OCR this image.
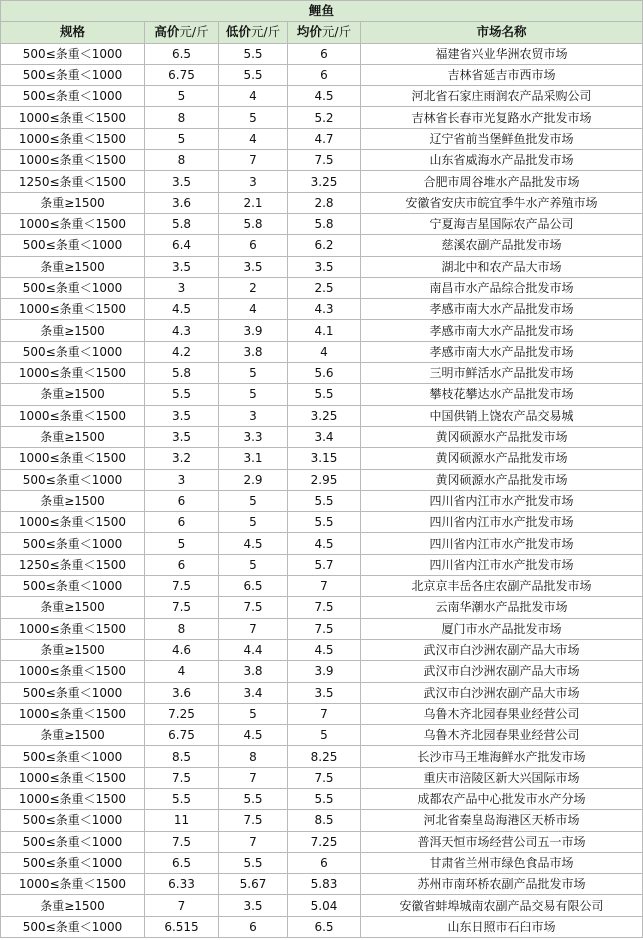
鲤鱼				
规格	高价元/斤	低价元/斤	均价元/斤	市场名称
500≤条重＜1000	6.5	5.5	6	福建省兴业华洲农贸市场
500≤条重＜1000	6.75	5.5	6	吉林省延吉市西市场
500≤条重＜1000	5	4	4.5	河北省石家庄雨润农产品采购公司
1000≤条重＜1500	8	5	5.2	吉林省长春市光复路水产批发市场
1000≤条重＜1500	5	4	4.7	辽宁省前当堡鲜鱼批发市场
1000≤条重＜1500	8	7	7.5	山东省威海水产品批发市场
1250≤条重＜1500	3.5	3	3.25	合肥市周谷堆水产品批发市场
条重≥1500	3.6	2.1	2.8	安徽省安庆市皖宜季牛水产养殖市场
1000≤条重＜1500	5.8	5.8	5.8	宁夏海吉星国际农产品公司
500≤条重＜1000	6.4	6	6.2	慈溪农副产品批发市场
条重≥1500	3.5	3.5	3.5	湖北中和农产品大市场
500≤条重＜1000	3	2	2.5	南昌市水产品综合批发市场
1000≤条重＜1500	4.5	4	4.3	孝感市南大水产品批发市场
条重≥1500	4.3	3.9	4.1	孝感市南大水产品批发市场
500≤条重＜1000	4.2	3.8	4	孝感市南大水产品批发市场
1000≤条重＜1500	5.8	5	5.6	三明市鲜活水产品批发市场
条重≥1500	5.5	5	5.5	攀枝花攀达水产品批发市场
1000≤条重＜1500	3.5	3	3.25	中国供销上饶农产品交易城
条重≥1500	3.5	3.3	3.4	黄冈硕源水产品批发市场
1000≤条重＜1500	3.2	3.1	3.15	黄冈硕源水产品批发市场
500≤条重＜1000	3	2.9	2.95	黄冈硕源水产品批发市场
条重≥1500	6	5	5.5	四川省内江市水产批发市场
1000≤条重＜1500	6	5	5.5	四川省内江市水产批发市场
500≤条重＜1000	5	4.5	4.5	四川省内江市水产批发市场
1250≤条重＜1500	6	5	5.7	四川省内江市水产批发市场
500≤条重＜1000	7.5	6.5	7	北京京丰岳各庄农副产品批发市场
条重≥1500	7.5	7.5	7.5	云南华潮水产品批发市场
1000≤条重＜1500	8	7	7.5	厦门市水产品批发市场
条重≥1500	4.6	4.4	4.5	武汉市白沙洲农副产品大市场
1000≤条重＜1500	4	3.8	3.9	武汉市白沙洲农副产品大市场
500≤条重＜1000	3.6	3.4	3.5	武汉市白沙洲农副产品大市场
1000≤条重＜1500	7.25	5	7	乌鲁木齐北园春果业经营公司
条重≥1500	6.75	4.5	5	乌鲁木齐北园春果业经营公司
500≤条重＜1000	8.5	8	8.25	长沙市马王堆海鲜水产批发市场
1000≤条重＜1500	7.5	7	7.5	重庆市涪陵区新大兴国际市场
1000≤条重＜1500	5.5	5.5	5.5	成都农产品中心批发市水产分场
500≤条重＜1000	11	7.5	8.5	河北省秦皇岛海港区天桥市场
500≤条重＜1000	7.5	7	7.25	普洱天恒市场经营公司五一市场
500≤条重＜1000	6.5	5.5	6	甘肃省兰州市绿色食品市场
1000≤条重＜1500	6.33	5.67	5.83	苏州市南环桥农副产品批发市场
条重≥1500	7	3.5	5.04	安徽省蚌埠城南农副产品交易有限公司
500≤条重＜1000	6.515	6	6.5	山东日照市石臼市场
